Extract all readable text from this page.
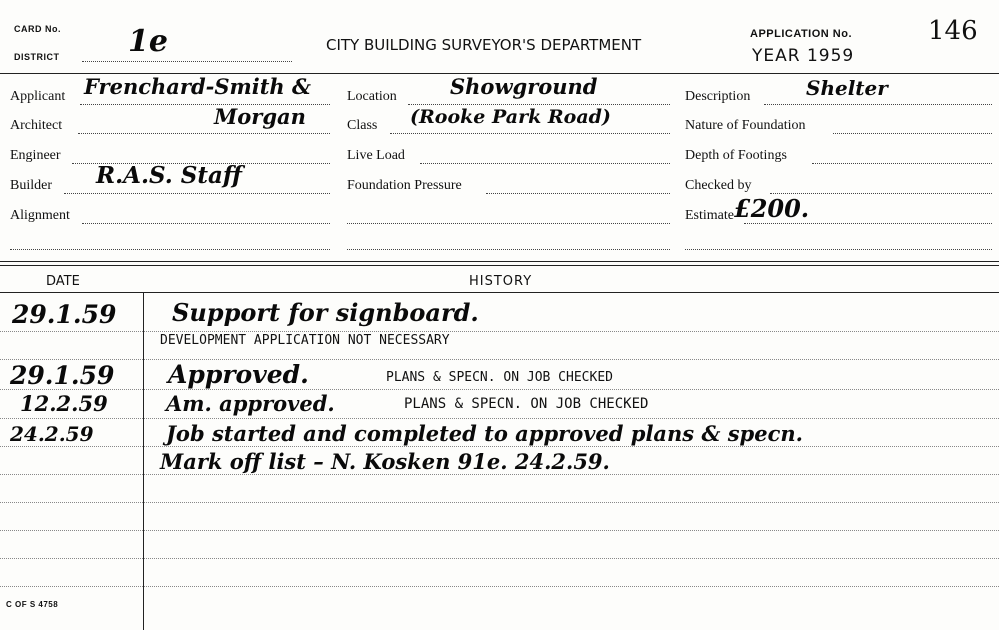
CARD No.
DISTRICT 1e	CITY BUILDING SURVEYOR'S DEPARTMENT
APPLICATION No.
YEAR 1959
146
Applicant Frenchard-Smith &
Architect	Morgan
Engineer
Builder R.A.S. Staff
Alignment
Location	Showground
Class (Rooke Park Road)
Live Load
Foundation Pressure
Description	Shelter
Nature of Foundation
Depth of Footings
Checked by
Estimate £200.
DATE	HISTORY
29.1.59 Support for signboard.
DEVELOPMENT APPLICATION NOT NECESSARY
29.1.59 Approved.	PLANS & SPECN. ON JOB CHECKED
12.2.59	Am. approved.	PLANS & SPECN. ON JOB CHECKED
24.2.59	Job started and completed to approved plans & specn.
Mark off list – N. Kosken 91e. 24.2.59.
C OF S 4758
